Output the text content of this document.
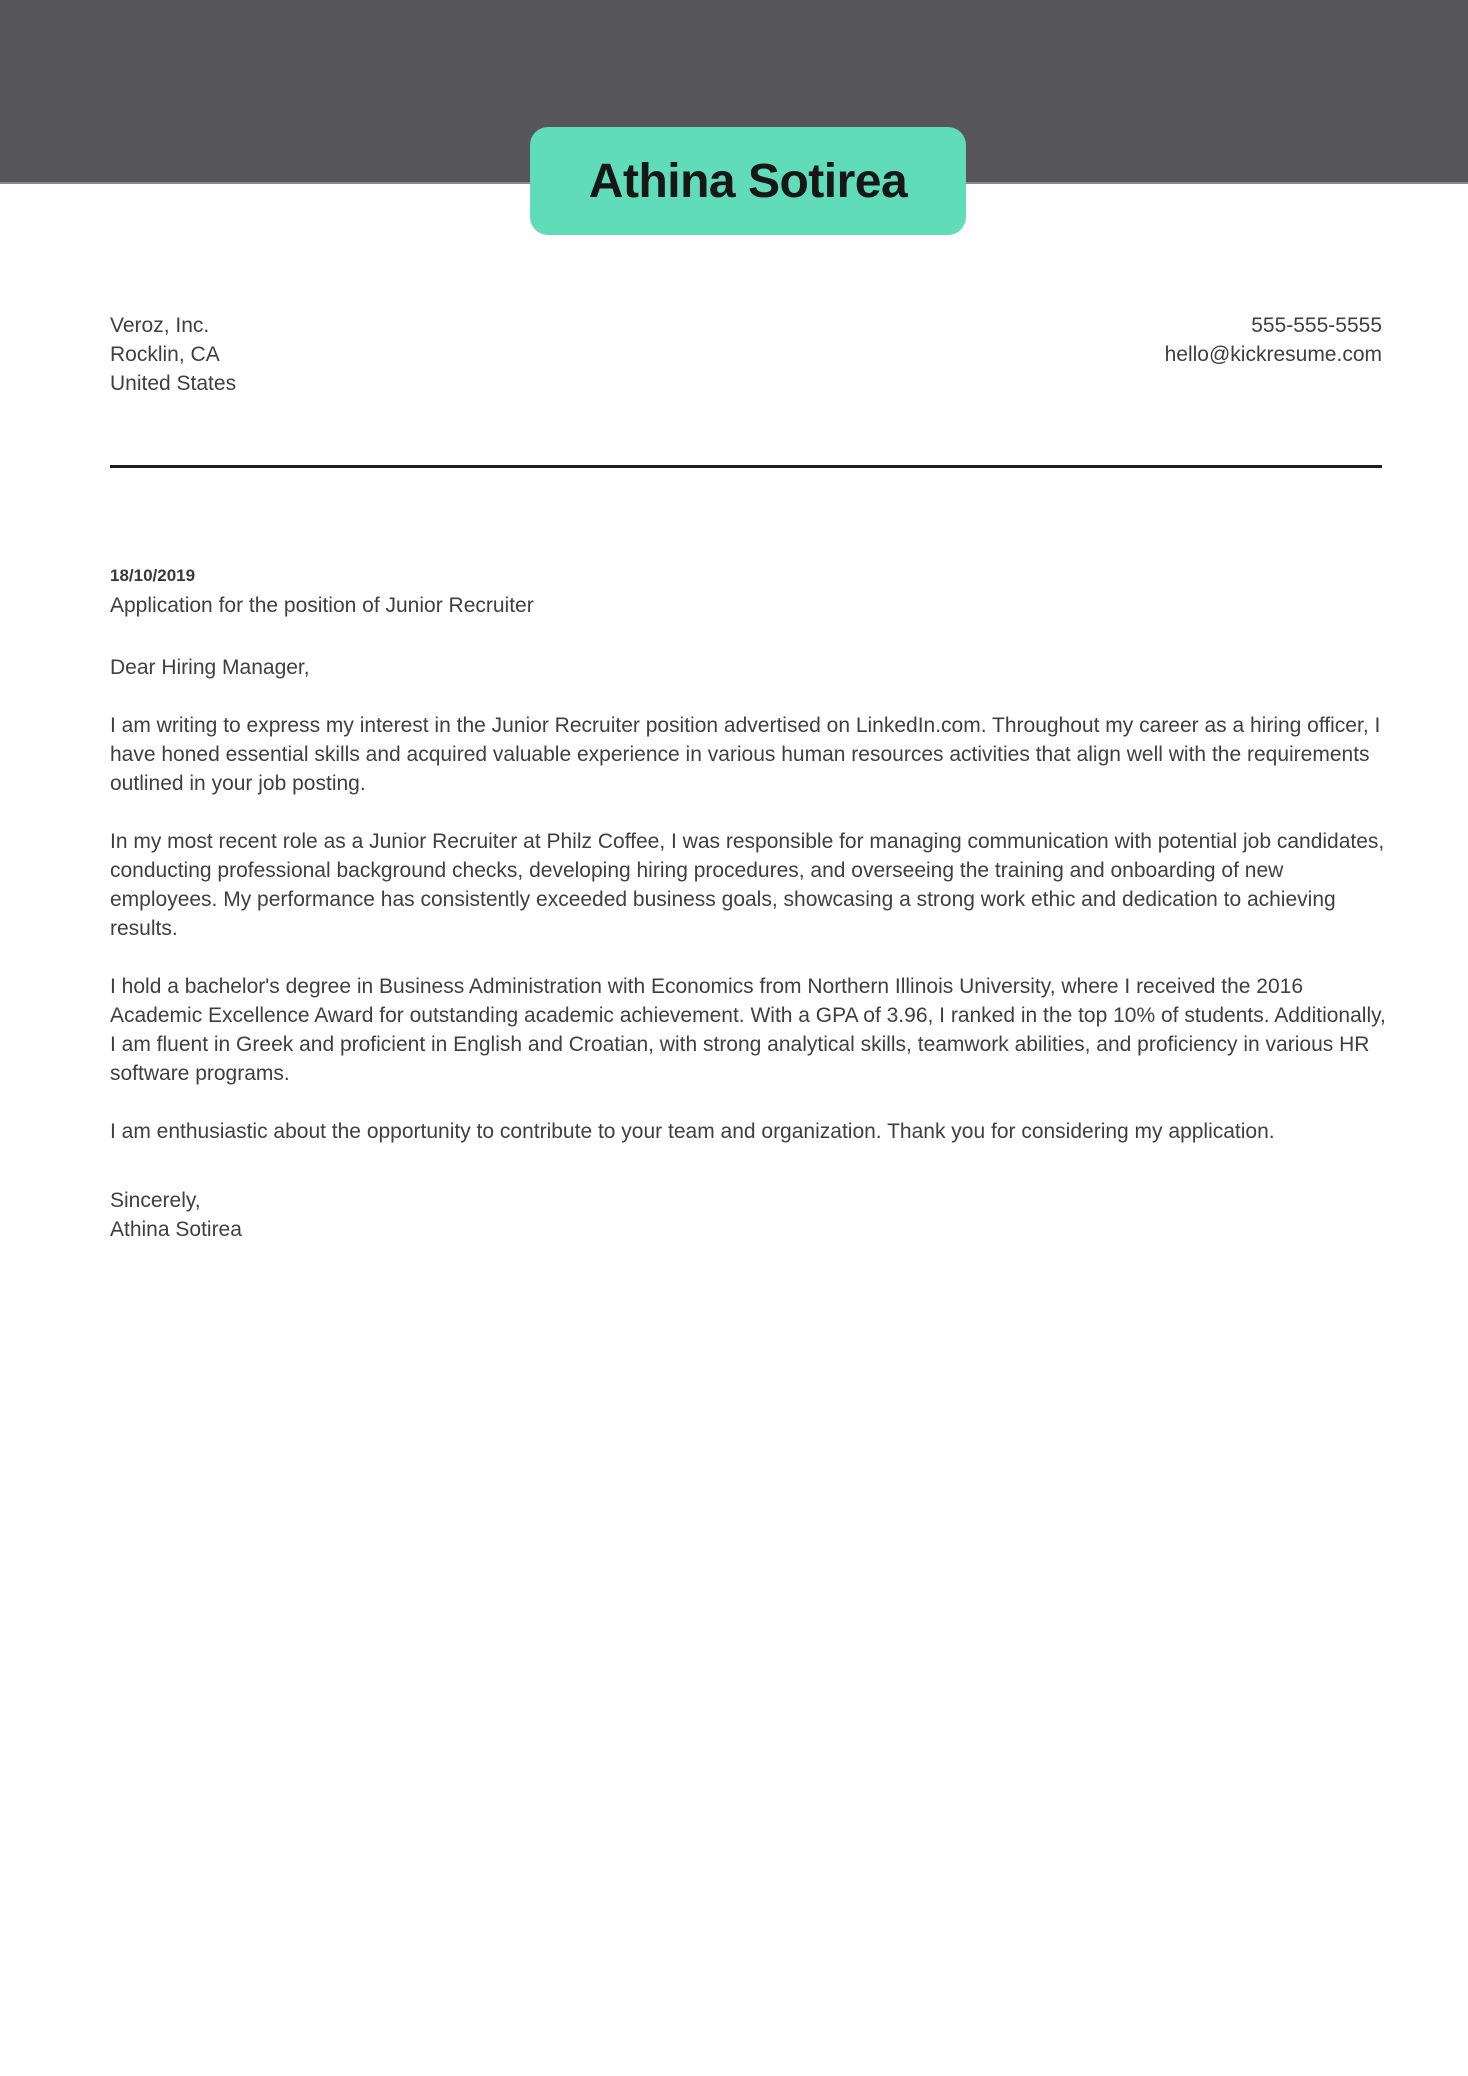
Athina Sotirea
Veroz, Inc.
Rocklin, CA
United States
555-555-5555
hello@kickresume.com
18/10/2019
Application for the position of Junior Recruiter
Dear Hiring Manager,
I am writing to express my interest in the Junior Recruiter position advertised on LinkedIn.com. Throughout my career as a hiring officer, I have honed essential skills and acquired valuable experience in various human resources activities that align well with the requirements outlined in your job posting.
In my most recent role as a Junior Recruiter at Philz Coffee, I was responsible for managing communication with potential job candidates, conducting professional background checks, developing hiring procedures, and overseeing the training and onboarding of new employees. My performance has consistently exceeded business goals, showcasing a strong work ethic and dedication to achieving results.
I hold a bachelor's degree in Business Administration with Economics from Northern Illinois University, where I received the 2016 Academic Excellence Award for outstanding academic achievement. With a GPA of 3.96, I ranked in the top 10% of students. Additionally, I am fluent in Greek and proficient in English and Croatian, with strong analytical skills, teamwork abilities, and proficiency in various HR software programs.
I am enthusiastic about the opportunity to contribute to your team and organization. Thank you for considering my application.
Sincerely,
Athina Sotirea
